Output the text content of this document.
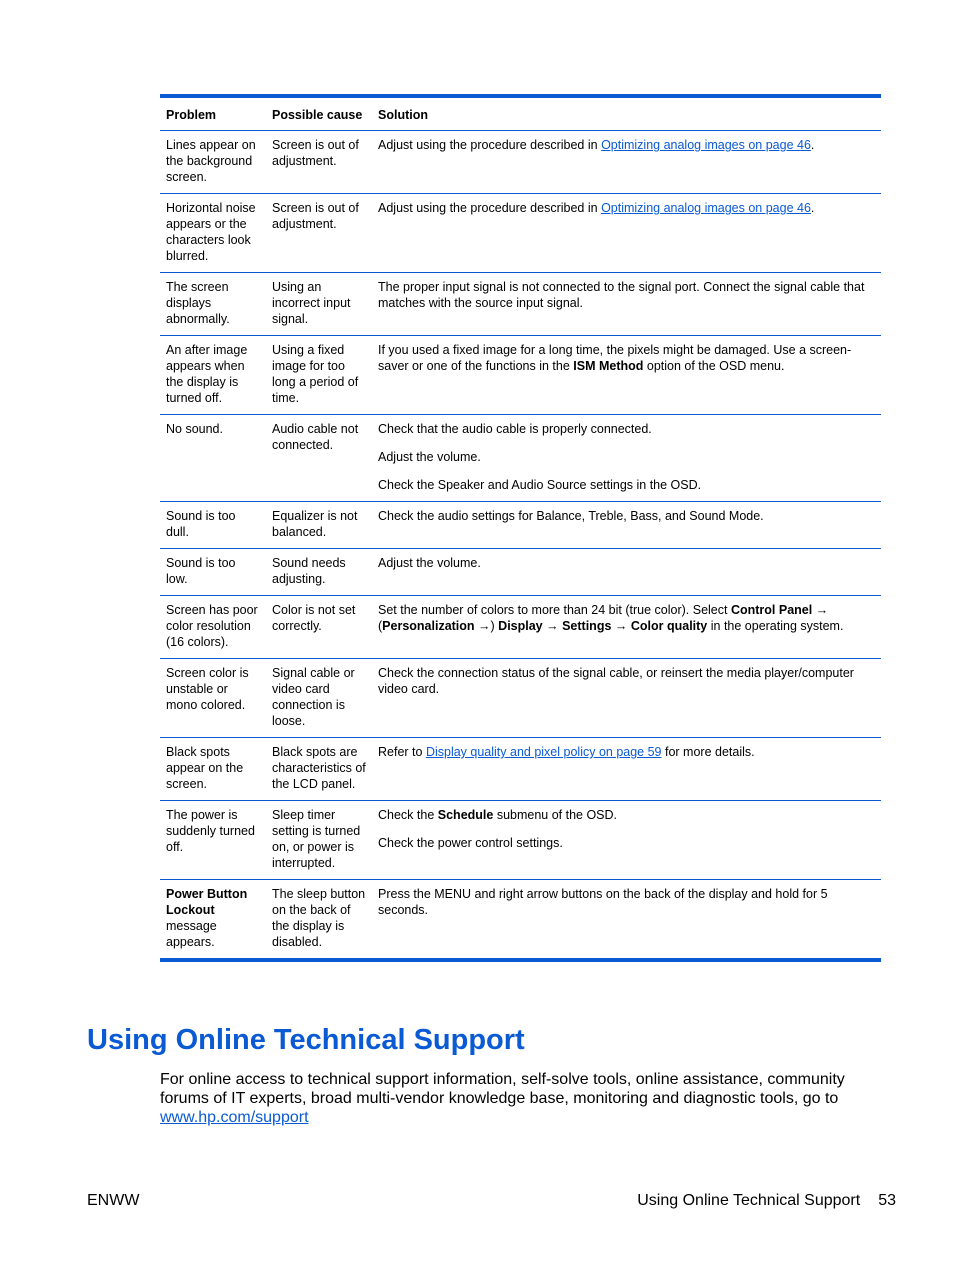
Problem	Possible cause	Solution
Lines appear on the background screen.	Screen is out of adjustment.	Adjust using the procedure described in Optimizing analog images on page 46.
Horizontal noise appears or the characters look blurred.	Screen is out of adjustment.	Adjust using the procedure described in Optimizing analog images on page 46.
The screen displays abnormally.	Using an incorrect input signal.	The proper input signal is not connected to the signal port. Connect the signal cable that matches with the source input signal.
An after image appears when the display is turned off.	Using a fixed image for too long a period of time.	If you used a fixed image for a long time, the pixels might be damaged. Use a screen-saver or one of the functions in the ISM Method option of the OSD menu.
No sound.	Audio cable not connected.	Check that the audio cable is properly connected.

Adjust the volume.

Check the Speaker and Audio Source settings in the OSD.

Sound is too dull.	Equalizer is not balanced.	Check the audio settings for Balance, Treble, Bass, and Sound Mode.
Sound is too low.	Sound needs adjusting.	Adjust the volume.
Screen has poor color resolution (16 colors).	Color is not set correctly.	Set the number of colors to more than 24 bit (true color). Select Control Panel → (Personalization →) Display → Settings → Color quality in the operating system.
Screen color is unstable or mono colored.	Signal cable or video card connection is loose.	Check the connection status of the signal cable, or reinsert the media player/computer video card.
Black spots appear on the screen.	Black spots are characteristics of the LCD panel.	Refer to Display quality and pixel policy on page 59 for more details.
The power is suddenly turned off.	Sleep timer setting is turned on, or power is interrupted.	Check the Schedule submenu of the OSD.

Check the power control settings.

Power Button Lockout message appears.	The sleep button on the back of the display is disabled.	Press the MENU and right arrow buttons on the back of the display and hold for 5 seconds.
Using Online Technical Support

For online access to technical support information, self-solve tools, online assistance, community forums of IT experts, broad multi-vendor knowledge base, monitoring and diagnostic tools, go to www.hp.com/support

ENWW	Using Online Technical Support 53
